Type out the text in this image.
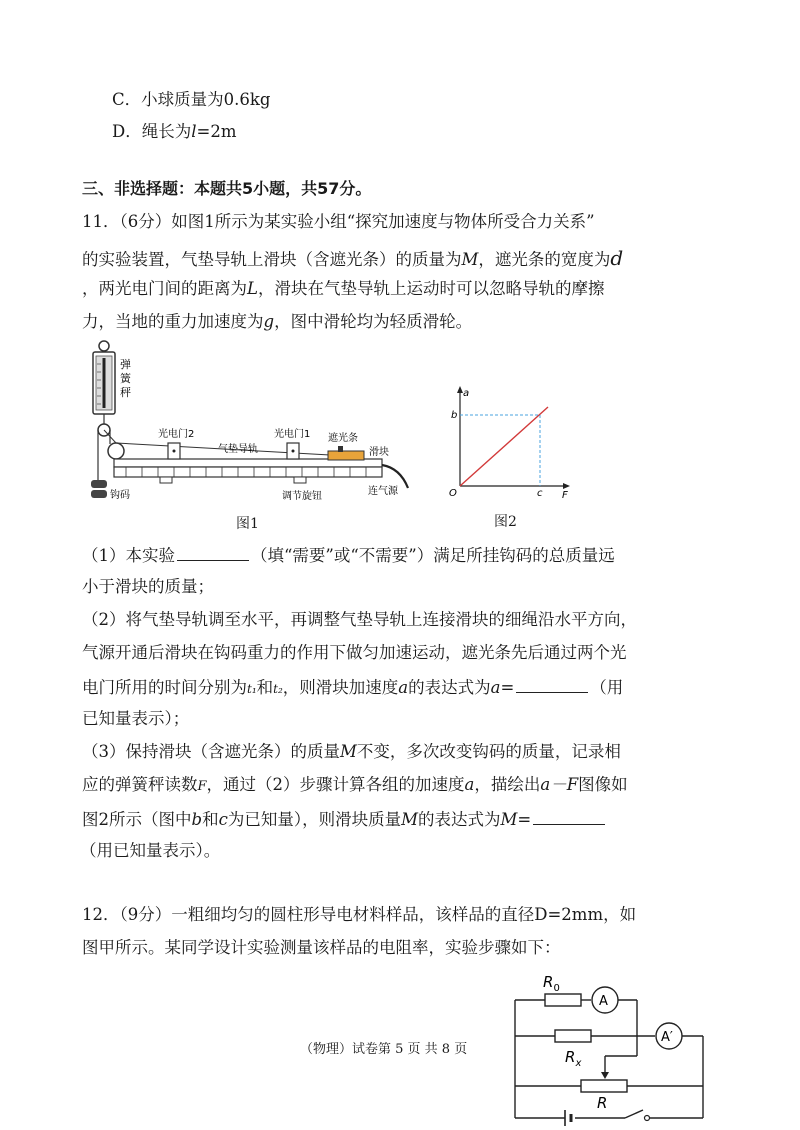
C．小球质量为0.6kg
D．绳长为l=2m
三、非选择题：本题共5小题，共57分。
11．（6分）如图1所示为某实验小组“探究加速度与物体所受合力关系”
的实验装置，气垫导轨上滑块（含遮光条）的质量为M，遮光条的宽度为d
，两光电门间的距离为L，滑块在气垫导轨上运动时可以忽略导轨的摩擦
力，当地的重力加速度为g，图中滑轮均为轻质滑轮。
弹
簧
秤
钩码	调节旋钮
光电门2	光电门1
气垫导轨
遮光条
滑块
连气源
图1
a
b
O	c F
图2
（1）本实验	（填“需要”或“不需要”）满足所挂钩码的总质量远
小于滑块的质量；
（2）将气垫导轨调至水平，再调整气垫导轨上连接滑块的细绳沿水平方向，
气源开通后滑块在钩码重力的作用下做匀加速运动，遮光条先后通过两个光
电门所用的时间分别为t₁和t₂，则滑块加速度a的表达式为a=	（用
已知量表示）；
（3）保持滑块（含遮光条）的质量M不变，多次改变钩码的质量，记录相
应的弹簧秤读数F，通过（2）步骤计算各组的加速度a，描绘出a－F图像如
图2所示（图中b和c为已知量），则滑块质量M的表达式为M=
（用已知量表示）。
12．（9分）一粗细均匀的圆柱形导电材料样品，该样品的直径D=2mm，如
图甲所示。某同学设计实验测量该样品的电阻率，实验步骤如下：
$R_0$
A
A′
$R_x$
R
（物理）试卷第 5 页 共 8 页
